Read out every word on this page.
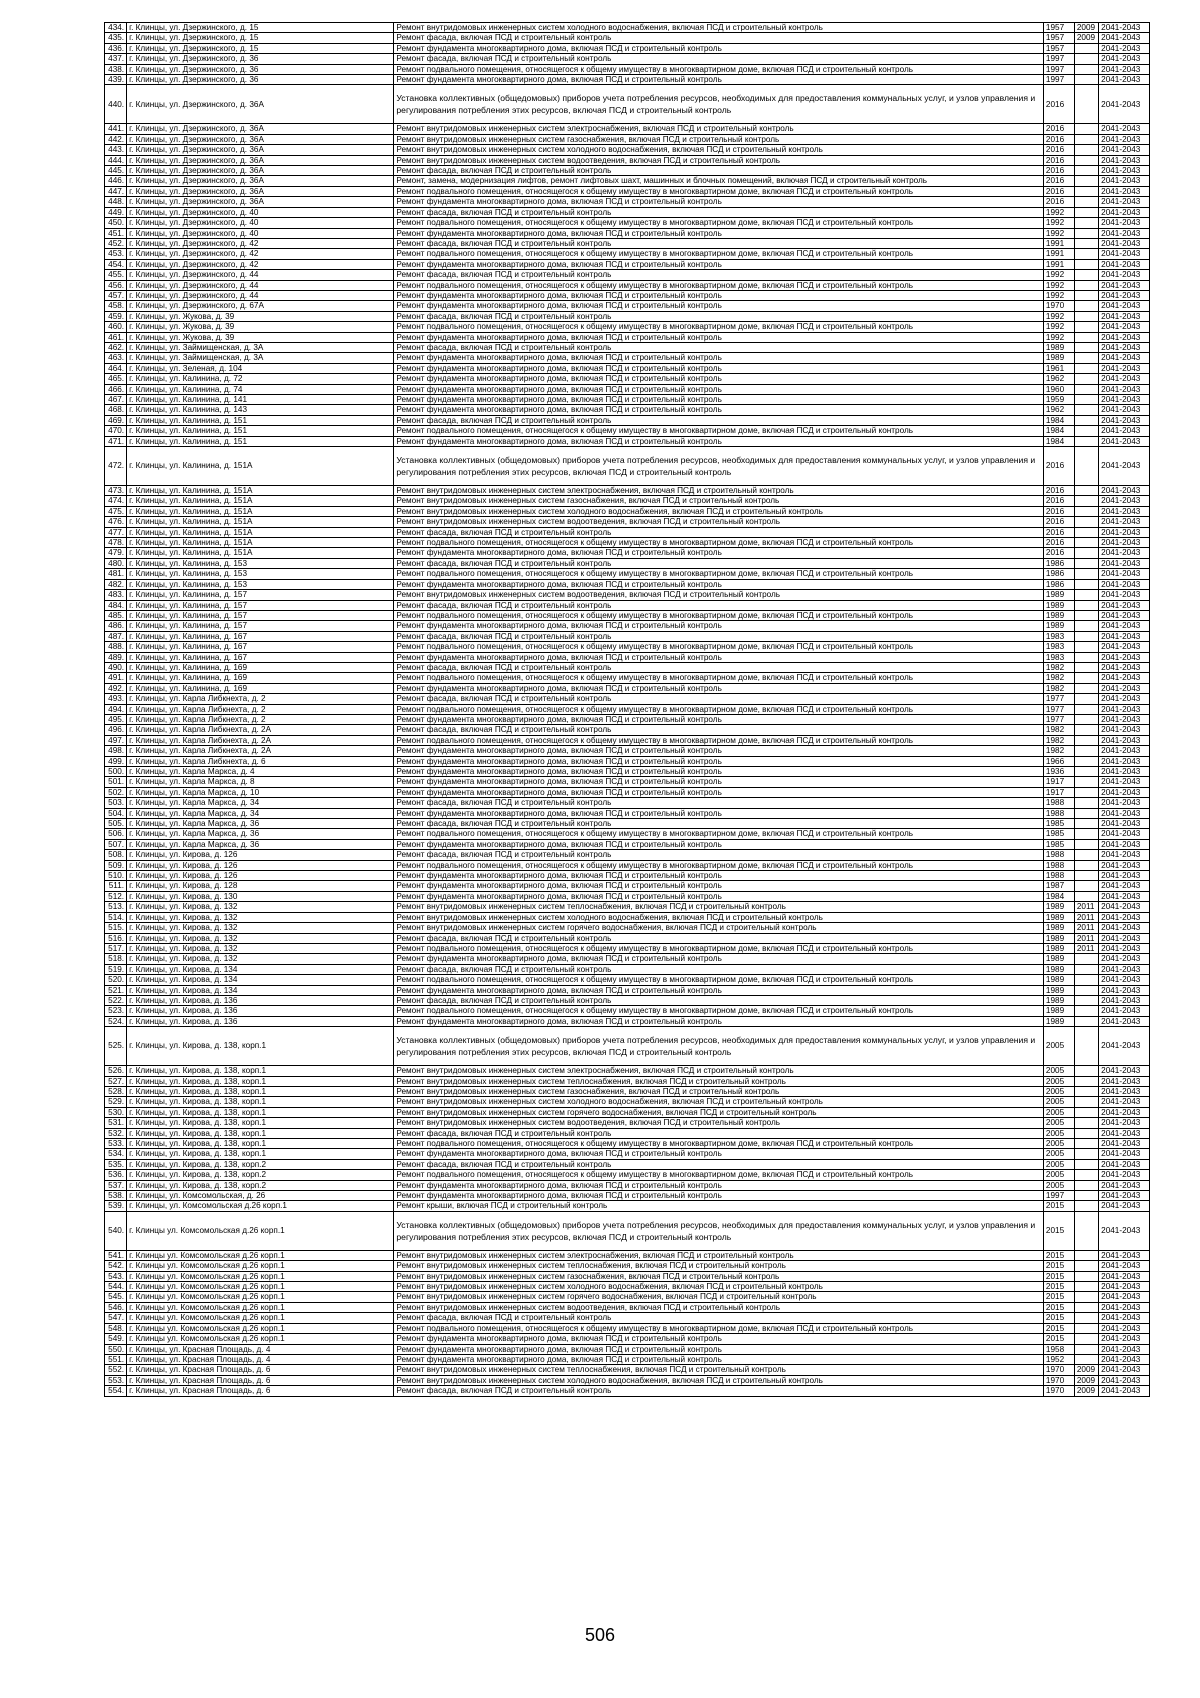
434.	г. Клинцы, ул. Дзержинского, д. 15	Ремонт внутридомовых инженерных систем холодного водоснабжения, включая ПСД и строительный контроль	1957	2009	2041-2043
435.	г. Клинцы, ул. Дзержинского, д. 15	Ремонт фасада, включая ПСД и строительный контроль	1957	2009	2041-2043
436.	г. Клинцы, ул. Дзержинского, д. 15	Ремонт фундамента многоквартирного дома, включая ПСД и строительный контроль	1957		2041-2043
437.	г. Клинцы, ул. Дзержинского, д. 36	Ремонт фасада, включая ПСД и строительный контроль	1997		2041-2043
438.	г. Клинцы, ул. Дзержинского, д. 36	Ремонт подвального помещения, относящегося к общему имуществу в многоквартирном доме, включая ПСД и строительный контроль	1997		2041-2043
439.	г. Клинцы, ул. Дзержинского, д. 36	Ремонт фундамента многоквартирного дома, включая ПСД и строительный контроль	1997		2041-2043
440.	г. Клинцы, ул. Дзержинского, д. 36А	Установка коллективных (общедомовых) приборов учета потребления ресурсов, необходимых для предоставления коммунальных услуг, и узлов управления и регулирования потребления этих ресурсов, включая ПСД и строительный контроль	2016		2041-2043
441.	г. Клинцы, ул. Дзержинского, д. 36А	Ремонт внутридомовых инженерных систем электроснабжения, включая ПСД и строительный контроль	2016		2041-2043
442.	г. Клинцы, ул. Дзержинского, д. 36А	Ремонт внутридомовых инженерных систем газоснабжения, включая ПСД и строительный контроль	2016		2041-2043
443.	г. Клинцы, ул. Дзержинского, д. 36А	Ремонт внутридомовых инженерных систем холодного водоснабжения, включая ПСД и строительный контроль	2016		2041-2043
444.	г. Клинцы, ул. Дзержинского, д. 36А	Ремонт внутридомовых инженерных систем водоотведения, включая ПСД и строительный контроль	2016		2041-2043
445.	г. Клинцы, ул. Дзержинского, д. 36А	Ремонт фасада, включая ПСД и строительный контроль	2016		2041-2043
446.	г. Клинцы, ул. Дзержинского, д. 36А	Ремонт, замена, модернизация лифтов, ремонт лифтовых шахт, машинных и блочных помещений, включая ПСД и строительный контроль	2016		2041-2043
447.	г. Клинцы, ул. Дзержинского, д. 36А	Ремонт подвального помещения, относящегося к общему имуществу в многоквартирном доме, включая ПСД и строительный контроль	2016		2041-2043
448.	г. Клинцы, ул. Дзержинского, д. 36А	Ремонт фундамента многоквартирного дома, включая ПСД и строительный контроль	2016		2041-2043
449.	г. Клинцы, ул. Дзержинского, д. 40	Ремонт фасада, включая ПСД и строительный контроль	1992		2041-2043
450.	г. Клинцы, ул. Дзержинского, д. 40	Ремонт подвального помещения, относящегося к общему имуществу в многоквартирном доме, включая ПСД и строительный контроль	1992		2041-2043
451.	г. Клинцы, ул. Дзержинского, д. 40	Ремонт фундамента многоквартирного дома, включая ПСД и строительный контроль	1992		2041-2043
452.	г. Клинцы, ул. Дзержинского, д. 42	Ремонт фасада, включая ПСД и строительный контроль	1991		2041-2043
453.	г. Клинцы, ул. Дзержинского, д. 42	Ремонт подвального помещения, относящегося к общему имуществу в многоквартирном доме, включая ПСД и строительный контроль	1991		2041-2043
454.	г. Клинцы, ул. Дзержинского, д. 42	Ремонт фундамента многоквартирного дома, включая ПСД и строительный контроль	1991		2041-2043
455.	г. Клинцы, ул. Дзержинского, д. 44	Ремонт фасада, включая ПСД и строительный контроль	1992		2041-2043
456.	г. Клинцы, ул. Дзержинского, д. 44	Ремонт подвального помещения, относящегося к общему имуществу в многоквартирном доме, включая ПСД и строительный контроль	1992		2041-2043
457.	г. Клинцы, ул. Дзержинского, д. 44	Ремонт фундамента многоквартирного дома, включая ПСД и строительный контроль	1992		2041-2043
458.	г. Клинцы, ул. Дзержинского, д. 67А	Ремонт фундамента многоквартирного дома, включая ПСД и строительный контроль	1970		2041-2043
459.	г. Клинцы, ул. Жукова, д. 39	Ремонт фасада, включая ПСД и строительный контроль	1992		2041-2043
460.	г. Клинцы, ул. Жукова, д. 39	Ремонт подвального помещения, относящегося к общему имуществу в многоквартирном доме, включая ПСД и строительный контроль	1992		2041-2043
461.	г. Клинцы, ул. Жукова, д. 39	Ремонт фундамента многоквартирного дома, включая ПСД и строительный контроль	1992		2041-2043
462.	г. Клинцы, ул. Займищенская, д. 3А	Ремонт фасада, включая ПСД и строительный контроль	1989		2041-2043
463.	г. Клинцы, ул. Займищенская, д. 3А	Ремонт фундамента многоквартирного дома, включая ПСД и строительный контроль	1989		2041-2043
464.	г. Клинцы, ул. Зеленая, д. 104	Ремонт фундамента многоквартирного дома, включая ПСД и строительный контроль	1961		2041-2043
465.	г. Клинцы, ул. Калинина, д. 72	Ремонт фундамента многоквартирного дома, включая ПСД и строительный контроль	1962		2041-2043
466.	г. Клинцы, ул. Калинина, д. 74	Ремонт фундамента многоквартирного дома, включая ПСД и строительный контроль	1960		2041-2043
467.	г. Клинцы, ул. Калинина, д. 141	Ремонт фундамента многоквартирного дома, включая ПСД и строительный контроль	1959		2041-2043
468.	г. Клинцы, ул. Калинина, д. 143	Ремонт фундамента многоквартирного дома, включая ПСД и строительный контроль	1962		2041-2043
469.	г. Клинцы, ул. Калинина, д. 151	Ремонт фасада, включая ПСД и строительный контроль	1984		2041-2043
470.	г. Клинцы, ул. Калинина, д. 151	Ремонт подвального помещения, относящегося к общему имуществу в многоквартирном доме, включая ПСД и строительный контроль	1984		2041-2043
471.	г. Клинцы, ул. Калинина, д. 151	Ремонт фундамента многоквартирного дома, включая ПСД и строительный контроль	1984		2041-2043
472.	г. Клинцы, ул. Калинина, д. 151А	Установка коллективных (общедомовых) приборов учета потребления ресурсов, необходимых для предоставления коммунальных услуг, и узлов управления и регулирования потребления этих ресурсов, включая ПСД и строительный контроль	2016		2041-2043
473.	г. Клинцы, ул. Калинина, д. 151А	Ремонт внутридомовых инженерных систем электроснабжения, включая ПСД и строительный контроль	2016		2041-2043
474.	г. Клинцы, ул. Калинина, д. 151А	Ремонт внутридомовых инженерных систем газоснабжения, включая ПСД и строительный контроль	2016		2041-2043
475.	г. Клинцы, ул. Калинина, д. 151А	Ремонт внутридомовых инженерных систем холодного водоснабжения, включая ПСД и строительный контроль	2016		2041-2043
476.	г. Клинцы, ул. Калинина, д. 151А	Ремонт внутридомовых инженерных систем водоотведения, включая ПСД и строительный контроль	2016		2041-2043
477.	г. Клинцы, ул. Калинина, д. 151А	Ремонт фасада, включая ПСД и строительный контроль	2016		2041-2043
478.	г. Клинцы, ул. Калинина, д. 151А	Ремонт подвального помещения, относящегося к общему имуществу в многоквартирном доме, включая ПСД и строительный контроль	2016		2041-2043
479.	г. Клинцы, ул. Калинина, д. 151А	Ремонт фундамента многоквартирного дома, включая ПСД и строительный контроль	2016		2041-2043
480.	г. Клинцы, ул. Калинина, д. 153	Ремонт фасада, включая ПСД и строительный контроль	1986		2041-2043
481.	г. Клинцы, ул. Калинина, д. 153	Ремонт подвального помещения, относящегося к общему имуществу в многоквартирном доме, включая ПСД и строительный контроль	1986		2041-2043
482.	г. Клинцы, ул. Калинина, д. 153	Ремонт фундамента многоквартирного дома, включая ПСД и строительный контроль	1986		2041-2043
483.	г. Клинцы, ул. Калинина, д. 157	Ремонт внутридомовых инженерных систем водоотведения, включая ПСД и строительный контроль	1989		2041-2043
484.	г. Клинцы, ул. Калинина, д. 157	Ремонт фасада, включая ПСД и строительный контроль	1989		2041-2043
485.	г. Клинцы, ул. Калинина, д. 157	Ремонт подвального помещения, относящегося к общему имуществу в многоквартирном доме, включая ПСД и строительный контроль	1989		2041-2043
486.	г. Клинцы, ул. Калинина, д. 157	Ремонт фундамента многоквартирного дома, включая ПСД и строительный контроль	1989		2041-2043
487.	г. Клинцы, ул. Калинина, д. 167	Ремонт фасада, включая ПСД и строительный контроль	1983		2041-2043
488.	г. Клинцы, ул. Калинина, д. 167	Ремонт подвального помещения, относящегося к общему имуществу в многоквартирном доме, включая ПСД и строительный контроль	1983		2041-2043
489.	г. Клинцы, ул. Калинина, д. 167	Ремонт фундамента многоквартирного дома, включая ПСД и строительный контроль	1983		2041-2043
490.	г. Клинцы, ул. Калинина, д. 169	Ремонт фасада, включая ПСД и строительный контроль	1982		2041-2043
491.	г. Клинцы, ул. Калинина, д. 169	Ремонт подвального помещения, относящегося к общему имуществу в многоквартирном доме, включая ПСД и строительный контроль	1982		2041-2043
492.	г. Клинцы, ул. Калинина, д. 169	Ремонт фундамента многоквартирного дома, включая ПСД и строительный контроль	1982		2041-2043
493.	г. Клинцы, ул. Карла Либкнехта, д. 2	Ремонт фасада, включая ПСД и строительный контроль	1977		2041-2043
494.	г. Клинцы, ул. Карла Либкнехта, д. 2	Ремонт подвального помещения, относящегося к общему имуществу в многоквартирном доме, включая ПСД и строительный контроль	1977		2041-2043
495.	г. Клинцы, ул. Карла Либкнехта, д. 2	Ремонт фундамента многоквартирного дома, включая ПСД и строительный контроль	1977		2041-2043
496.	г. Клинцы, ул. Карла Либкнехта, д. 2А	Ремонт фасада, включая ПСД и строительный контроль	1982		2041-2043
497.	г. Клинцы, ул. Карла Либкнехта, д. 2А	Ремонт подвального помещения, относящегося к общему имуществу в многоквартирном доме, включая ПСД и строительный контроль	1982		2041-2043
498.	г. Клинцы, ул. Карла Либкнехта, д. 2А	Ремонт фундамента многоквартирного дома, включая ПСД и строительный контроль	1982		2041-2043
499.	г. Клинцы, ул. Карла Либкнехта, д. 6	Ремонт фундамента многоквартирного дома, включая ПСД и строительный контроль	1966		2041-2043
500.	г. Клинцы, ул. Карла Маркса, д. 4	Ремонт фундамента многоквартирного дома, включая ПСД и строительный контроль	1936		2041-2043
501.	г. Клинцы, ул. Карла Маркса, д. 8	Ремонт фундамента многоквартирного дома, включая ПСД и строительный контроль	1917		2041-2043
502.	г. Клинцы, ул. Карла Маркса, д. 10	Ремонт фундамента многоквартирного дома, включая ПСД и строительный контроль	1917		2041-2043
503.	г. Клинцы, ул. Карла Маркса, д. 34	Ремонт фасада, включая ПСД и строительный контроль	1988		2041-2043
504.	г. Клинцы, ул. Карла Маркса, д. 34	Ремонт фундамента многоквартирного дома, включая ПСД и строительный контроль	1988		2041-2043
505.	г. Клинцы, ул. Карла Маркса, д. 36	Ремонт фасада, включая ПСД и строительный контроль	1985		2041-2043
506.	г. Клинцы, ул. Карла Маркса, д. 36	Ремонт подвального помещения, относящегося к общему имуществу в многоквартирном доме, включая ПСД и строительный контроль	1985		2041-2043
507.	г. Клинцы, ул. Карла Маркса, д. 36	Ремонт фундамента многоквартирного дома, включая ПСД и строительный контроль	1985		2041-2043
508.	г. Клинцы, ул. Кирова, д. 126	Ремонт фасада, включая ПСД и строительный контроль	1988		2041-2043
509.	г. Клинцы, ул. Кирова, д. 126	Ремонт подвального помещения, относящегося к общему имуществу в многоквартирном доме, включая ПСД и строительный контроль	1988		2041-2043
510.	г. Клинцы, ул. Кирова, д. 126	Ремонт фундамента многоквартирного дома, включая ПСД и строительный контроль	1988		2041-2043
511.	г. Клинцы, ул. Кирова, д. 128	Ремонт фундамента многоквартирного дома, включая ПСД и строительный контроль	1987		2041-2043
512.	г. Клинцы, ул. Кирова, д. 130	Ремонт фундамента многоквартирного дома, включая ПСД и строительный контроль	1984		2041-2043
513.	г. Клинцы, ул. Кирова, д. 132	Ремонт внутридомовых инженерных систем теплоснабжения, включая ПСД и строительный контроль	1989	2011	2041-2043
514.	г. Клинцы, ул. Кирова, д. 132	Ремонт внутридомовых инженерных систем холодного водоснабжения, включая ПСД и строительный контроль	1989	2011	2041-2043
515.	г. Клинцы, ул. Кирова, д. 132	Ремонт внутридомовых инженерных систем горячего водоснабжения, включая ПСД и строительный контроль	1989	2011	2041-2043
516.	г. Клинцы, ул. Кирова, д. 132	Ремонт фасада, включая ПСД и строительный контроль	1989	2011	2041-2043
517.	г. Клинцы, ул. Кирова, д. 132	Ремонт подвального помещения, относящегося к общему имуществу в многоквартирном доме, включая ПСД и строительный контроль	1989	2011	2041-2043
518.	г. Клинцы, ул. Кирова, д. 132	Ремонт фундамента многоквартирного дома, включая ПСД и строительный контроль	1989		2041-2043
519.	г. Клинцы, ул. Кирова, д. 134	Ремонт фасада, включая ПСД и строительный контроль	1989		2041-2043
520.	г. Клинцы, ул. Кирова, д. 134	Ремонт подвального помещения, относящегося к общему имуществу в многоквартирном доме, включая ПСД и строительный контроль	1989		2041-2043
521.	г. Клинцы, ул. Кирова, д. 134	Ремонт фундамента многоквартирного дома, включая ПСД и строительный контроль	1989		2041-2043
522.	г. Клинцы, ул. Кирова, д. 136	Ремонт фасада, включая ПСД и строительный контроль	1989		2041-2043
523.	г. Клинцы, ул. Кирова, д. 136	Ремонт подвального помещения, относящегося к общему имуществу в многоквартирном доме, включая ПСД и строительный контроль	1989		2041-2043
524.	г. Клинцы, ул. Кирова, д. 136	Ремонт фундамента многоквартирного дома, включая ПСД и строительный контроль	1989		2041-2043
525.	г. Клинцы, ул. Кирова, д. 138, корп.1	Установка коллективных (общедомовых) приборов учета потребления ресурсов, необходимых для предоставления коммунальных услуг, и узлов управления и регулирования потребления этих ресурсов, включая ПСД и строительный контроль	2005		2041-2043
526.	г. Клинцы, ул. Кирова, д. 138, корп.1	Ремонт внутридомовых инженерных систем электроснабжения, включая ПСД и строительный контроль	2005		2041-2043
527.	г. Клинцы, ул. Кирова, д. 138, корп.1	Ремонт внутридомовых инженерных систем теплоснабжения, включая ПСД и строительный контроль	2005		2041-2043
528.	г. Клинцы, ул. Кирова, д. 138, корп.1	Ремонт внутридомовых инженерных систем газоснабжения, включая ПСД и строительный контроль	2005		2041-2043
529.	г. Клинцы, ул. Кирова, д. 138, корп.1	Ремонт внутридомовых инженерных систем холодного водоснабжения, включая ПСД и строительный контроль	2005		2041-2043
530.	г. Клинцы, ул. Кирова, д. 138, корп.1	Ремонт внутридомовых инженерных систем горячего водоснабжения, включая ПСД и строительный контроль	2005		2041-2043
531.	г. Клинцы, ул. Кирова, д. 138, корп.1	Ремонт внутридомовых инженерных систем водоотведения, включая ПСД и строительный контроль	2005		2041-2043
532.	г. Клинцы, ул. Кирова, д. 138, корп.1	Ремонт фасада, включая ПСД и строительный контроль	2005		2041-2043
533.	г. Клинцы, ул. Кирова, д. 138, корп.1	Ремонт подвального помещения, относящегося к общему имуществу в многоквартирном доме, включая ПСД и строительный контроль	2005		2041-2043
534.	г. Клинцы, ул. Кирова, д. 138, корп.1	Ремонт фундамента многоквартирного дома, включая ПСД и строительный контроль	2005		2041-2043
535.	г. Клинцы, ул. Кирова, д. 138, корп.2	Ремонт фасада, включая ПСД и строительный контроль	2005		2041-2043
536.	г. Клинцы, ул. Кирова, д. 138, корп.2	Ремонт подвального помещения, относящегося к общему имуществу в многоквартирном доме, включая ПСД и строительный контроль	2005		2041-2043
537.	г. Клинцы, ул. Кирова, д. 138, корп.2	Ремонт фундамента многоквартирного дома, включая ПСД и строительный контроль	2005		2041-2043
538.	г. Клинцы, ул. Комсомольская, д. 26	Ремонт фундамента многоквартирного дома, включая ПСД и строительный контроль	1997		2041-2043
539.	г. Клинцы, ул. Комсомольская д.26 корп.1	Ремонт крыши, включая ПСД и строительный контроль	2015		2041-2043
540.	г. Клинцы ул. Комсомольская д.26 корп.1	Установка коллективных (общедомовых) приборов учета потребления ресурсов, необходимых для предоставления коммунальных услуг, и узлов управления и регулирования потребления этих ресурсов, включая ПСД и строительный контроль	2015		2041-2043
541.	г. Клинцы ул. Комсомольская д.26 корп.1	Ремонт внутридомовых инженерных систем электроснабжения, включая ПСД и строительный контроль	2015		2041-2043
542.	г. Клинцы ул. Комсомольская д.26 корп.1	Ремонт внутридомовых инженерных систем теплоснабжения, включая ПСД и строительный контроль	2015		2041-2043
543.	г. Клинцы ул. Комсомольская д.26 корп.1	Ремонт внутридомовых инженерных систем газоснабжения, включая ПСД и строительный контроль	2015		2041-2043
544.	г. Клинцы ул. Комсомольская д.26 корп.1	Ремонт внутридомовых инженерных систем холодного водоснабжения, включая ПСД и строительный контроль	2015		2041-2043
545.	г. Клинцы ул. Комсомольская д.26 корп.1	Ремонт внутридомовых инженерных систем горячего водоснабжения, включая ПСД и строительный контроль	2015		2041-2043
546.	г. Клинцы ул. Комсомольская д.26 корп.1	Ремонт внутридомовых инженерных систем водоотведения, включая ПСД и строительный контроль	2015		2041-2043
547.	г. Клинцы ул. Комсомольская д.26 корп.1	Ремонт фасада, включая ПСД и строительный контроль	2015		2041-2043
548.	г. Клинцы ул. Комсомольская д.26 корп.1	Ремонт подвального помещения, относящегося к общему имуществу в многоквартирном доме, включая ПСД и строительный контроль	2015		2041-2043
549.	г. Клинцы ул. Комсомольская д.26 корп.1	Ремонт фундамента многоквартирного дома, включая ПСД и строительный контроль	2015		2041-2043
550.	г. Клинцы, ул. Красная Площадь, д. 4	Ремонт фундамента многоквартирного дома, включая ПСД и строительный контроль	1958		2041-2043
551.	г. Клинцы, ул. Красная Площадь, д. 4	Ремонт фундамента многоквартирного дома, включая ПСД и строительный контроль	1952		2041-2043
552.	г. Клинцы, ул. Красная Площадь, д. 6	Ремонт внутридомовых инженерных систем теплоснабжения, включая ПСД и строительный контроль	1970	2009	2041-2043
553.	г. Клинцы, ул. Красная Площадь, д. 6	Ремонт внутридомовых инженерных систем холодного водоснабжения, включая ПСД и строительный контроль	1970	2009	2041-2043
554.	г. Клинцы, ул. Красная Площадь, д. 6	Ремонт фасада, включая ПСД и строительный контроль	1970	2009	2041-2043
506
